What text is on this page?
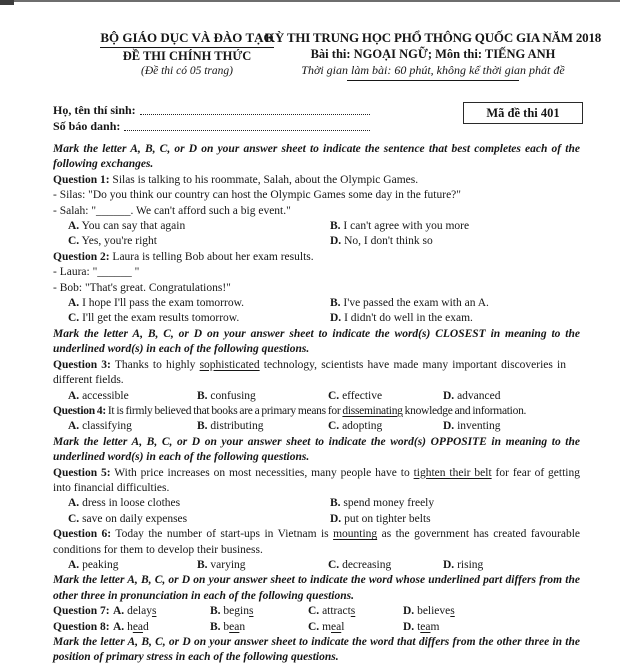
BỘ GIÁO DỤC VÀ ĐÀO TẠO
ĐỀ THI CHÍNH THỨC
(Đề thi có 05 trang)
KỲ THI TRUNG HỌC PHỔ THÔNG QUỐC GIA NĂM 2018
Bài thi: NGOẠI NGỮ; Môn thi: TIẾNG ANH
Thời gian làm bài: 60 phút, không kể thời gian phát đề
Họ, tên thí sinh:
Số báo danh:
Mã đề thi 401

Mark the letter A, B, C, or D on your answer sheet to indicate the sentence that best completes each of the following exchanges.

Question 1: Silas is talking to his roommate, Salah, about the Olympic Games.

- Silas: "Do you think our country can host the Olympic Games some day in the future?"

- Salah: "______. We can't afford such a big event."

A. You can say that again	B. I can't agree with you more
C. Yes, you're right	D. No, I don't think so

Question 2: Laura is telling Bob about her exam results.

- Laura: "______ "

- Bob: "That's great. Congratulations!"

A. I hope I'll pass the exam tomorrow.	B. I've passed the exam with an A.
C. I'll get the exam results tomorrow.	D. I didn't do well in the exam.

Mark the letter A, B, C, or D on your answer sheet to indicate the word(s) CLOSEST in meaning to the underlined word(s) in each of the following questions.

Question 3: Thanks to highly sophisticated technology, scientists have made many important discoveries in different fields.

A. accessible	B. confusing	C. effective	D. advanced

Question 4: It is firmly believed that books are a primary means for disseminating knowledge and information.

A. classifying	B. distributing	C. adopting	D. inventing

Mark the letter A, B, C, or D on your answer sheet to indicate the word(s) OPPOSITE in meaning to the underlined word(s) in each of the following questions.

Question 5: With price increases on most necessities, many people have to tighten their belt for fear of getting into financial difficulties.

A. dress in loose clothes	B. spend money freely
C. save on daily expenses	D. put on tighter belts

Question 6: Today the number of start-ups in Vietnam is mounting as the government has created favourable conditions for them to develop their business.

A. peaking	B. varying	C. decreasing	D. rising

Mark the letter A, B, C, or D on your answer sheet to indicate the word whose underlined part differs from the other three in pronunciation in each of the following questions.

Question 7: A. delays	B. begins	C. attracts	D. believes
Question 8: A. head	B. bean	C. meal	D. team

Mark the letter A, B, C, or D on your answer sheet to indicate the word that differs from the other three in the position of primary stress in each of the following questions.
